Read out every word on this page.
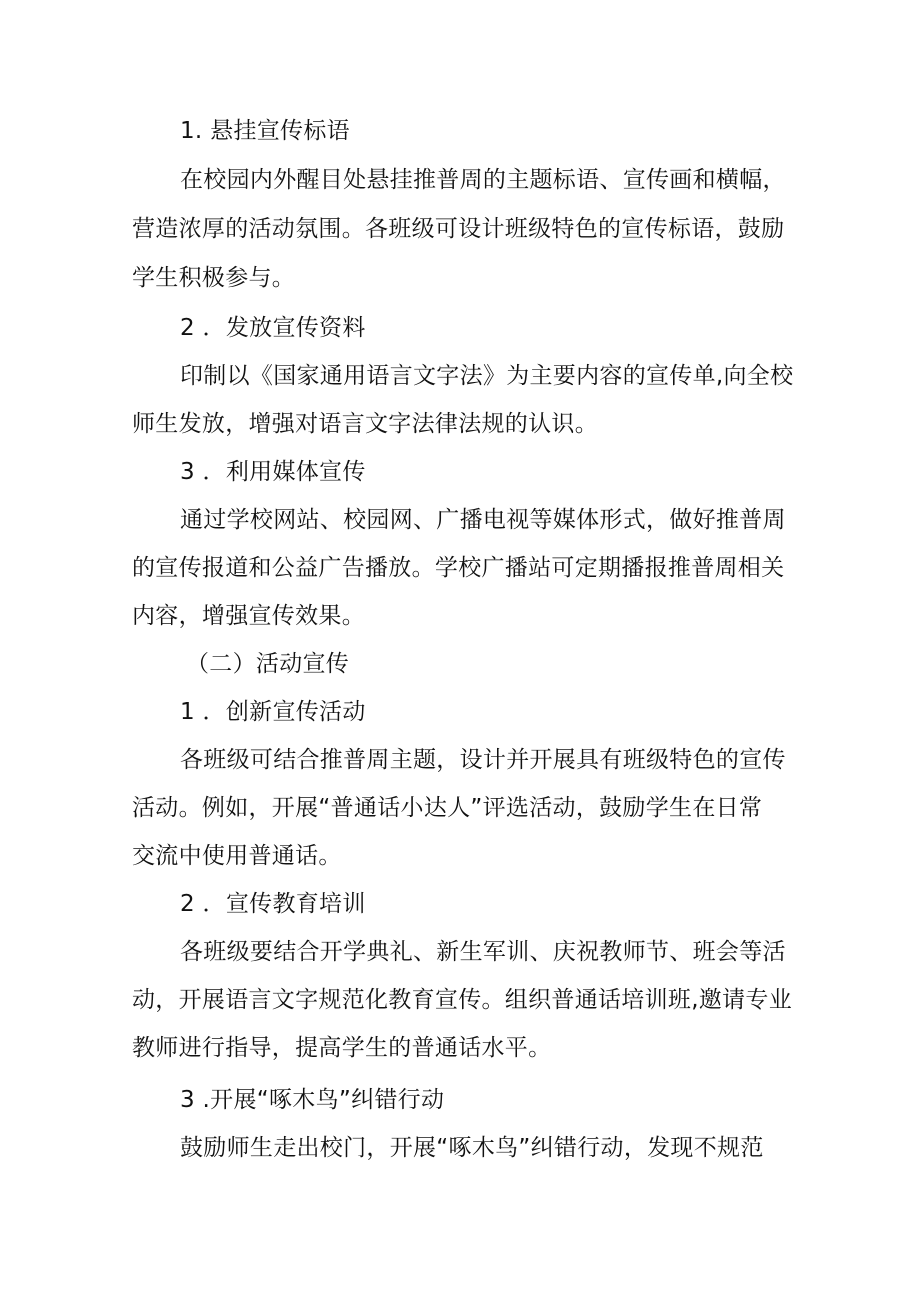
1. 悬挂宣传标语
在校园内外醒目处悬挂推普周的主题标语、宣传画和横幅，
营造浓厚的活动氛围。各班级可设计班级特色的宣传标语，鼓励
学生积极参与。
2 ．发放宣传资料
印制以《国家通用语言文字法》为主要内容的宣传单,向全校
师生发放，增强对语言文字法律法规的认识。
3 ．利用媒体宣传
通过学校网站、校园网、广播电视等媒体形式，做好推普周
的宣传报道和公益广告播放。学校广播站可定期播报推普周相关
内容，增强宣传效果。
（二）活动宣传
1 ．创新宣传活动
各班级可结合推普周主题，设计并开展具有班级特色的宣传
活动。例如，开展“普通话小达人”评选活动，鼓励学生在日常
交流中使用普通话。
2 ．宣传教育培训
各班级要结合开学典礼、新生军训、庆祝教师节、班会等活
动，开展语言文字规范化教育宣传。组织普通话培训班,邀请专业
教师进行指导，提高学生的普通话水平。
3 .开展“啄木鸟”纠错行动
鼓励师生走出校门，开展“啄木鸟”纠错行动，发现不规范
